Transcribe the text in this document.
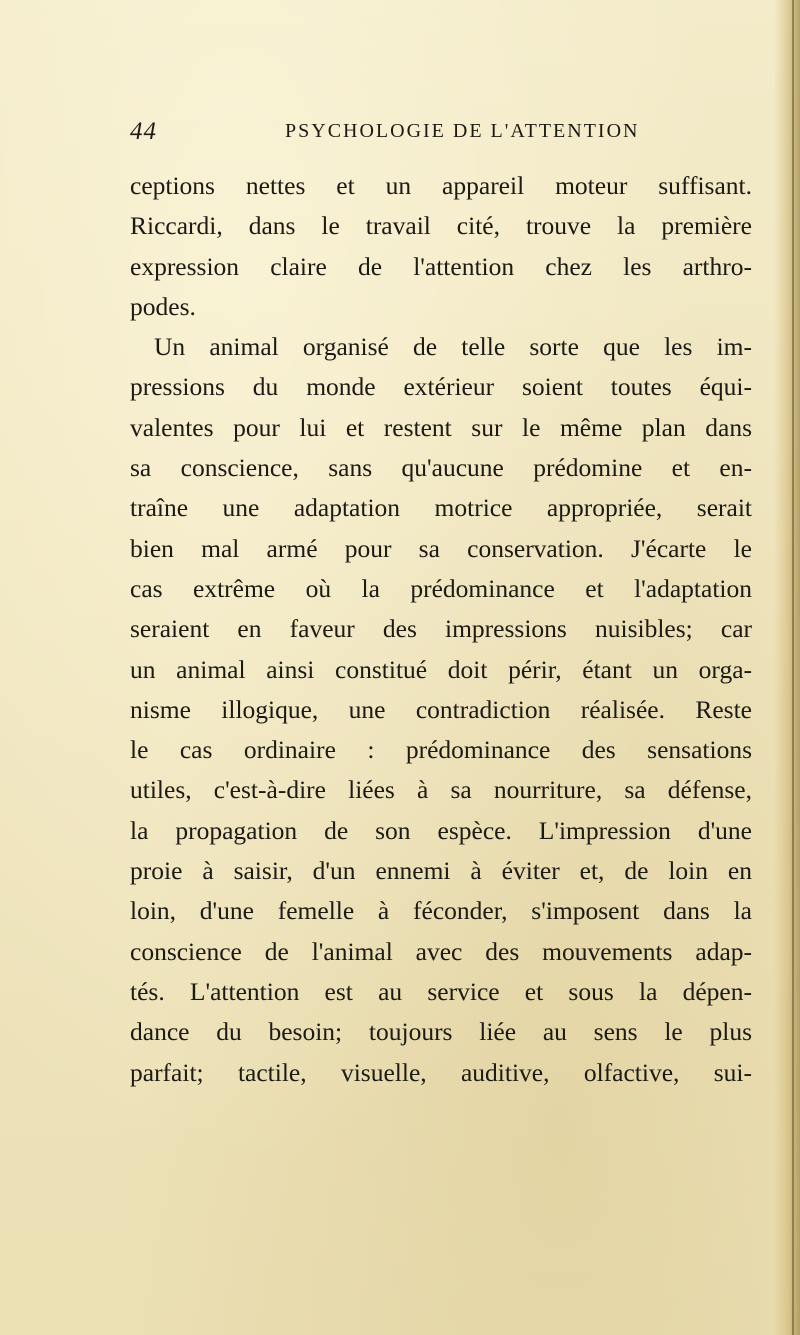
44	PSYCHOLOGIE DE L'ATTENTION
ceptions nettes et un appareil moteur suffisant.
Riccardi, dans le travail cité, trouve la première
expression claire de l'attention chez les arthro-
podes.
Un animal organisé de telle sorte que les im-
pressions du monde extérieur soient toutes équi-
valentes pour lui et restent sur le même plan dans
sa conscience, sans qu'aucune prédomine et en-
traîne une adaptation motrice appropriée, serait
bien mal armé pour sa conservation. J'écarte le
cas extrême où la prédominance et l'adaptation
seraient en faveur des impressions nuisibles; car
un animal ainsi constitué doit périr, étant un orga-
nisme illogique, une contradiction réalisée. Reste
le cas ordinaire : prédominance des sensations
utiles, c'est-à-dire liées à sa nourriture, sa défense,
la propagation de son espèce. L'impression d'une
proie à saisir, d'un ennemi à éviter et, de loin en
loin, d'une femelle à féconder, s'imposent dans la
conscience de l'animal avec des mouvements adap-
tés. L'attention est au service et sous la dépen-
dance du besoin; toujours liée au sens le plus
parfait; tactile, visuelle, auditive, olfactive, sui-
